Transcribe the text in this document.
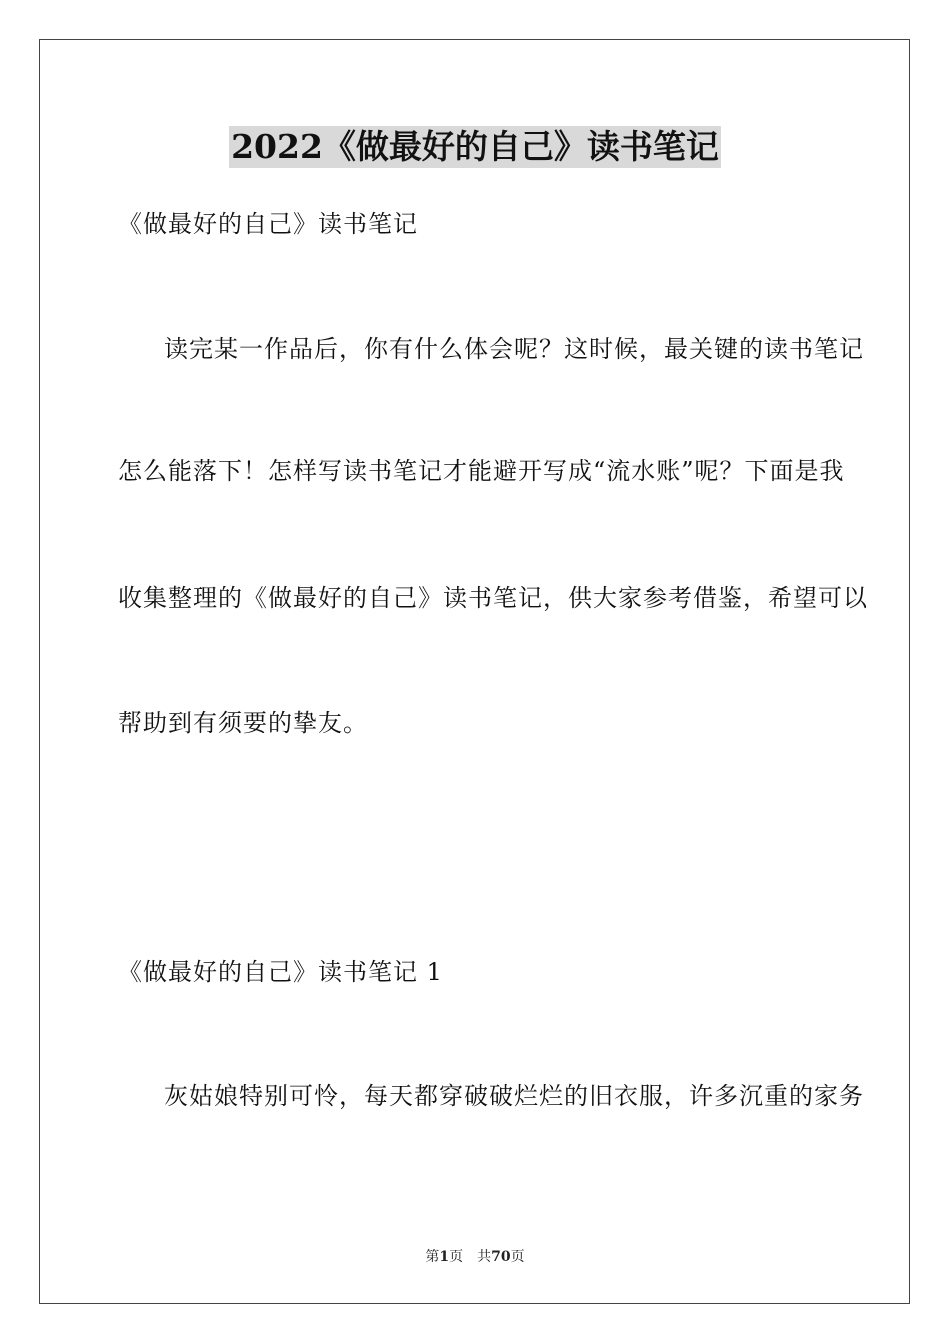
2022《做最好的自己》读书笔记
《做最好的自己》读书笔记
读完某一作品后，你有什么体会呢？这时候，最关键的读书笔记
怎么能落下！怎样写读书笔记才能避开写成“流水账”呢？下面是我
收集整理的《做最好的自己》读书笔记，供大家参考借鉴，希望可以
帮助到有须要的挚友。
《做最好的自己》读书笔记 1
灰姑娘特别可怜，每天都穿破破烂烂的旧衣服，许多沉重的家务
第1页 共70页
